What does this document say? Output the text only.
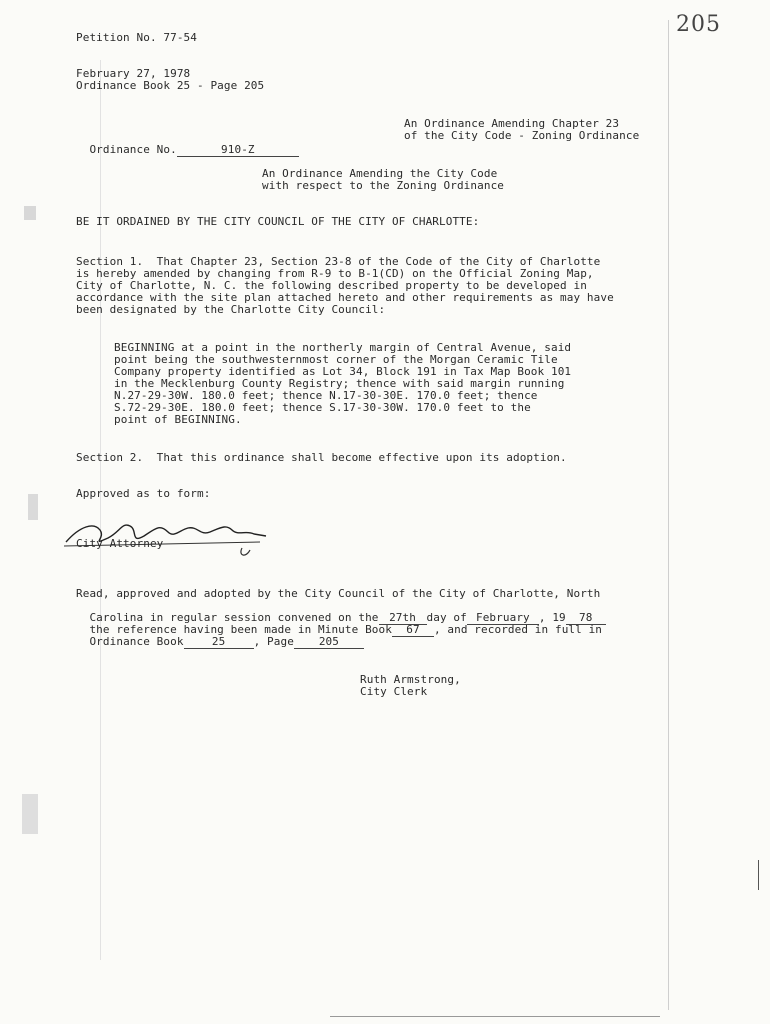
205
Petition No. 77-54
February 27, 1978
Ordinance Book 25 - Page 205
An Ordinance Amending Chapter 23
of the City Code - Zoning Ordinance

Ordinance No.	910-Z

An Ordinance Amending the City Code
with respect to the Zoning Ordinance
BE IT ORDAINED BY THE CITY COUNCIL OF THE CITY OF CHARLOTTE:
Section 1.  That Chapter 23, Section 23-8 of the Code of the City of Charlotte
is hereby amended by changing from R-9 to B-1(CD) on the Official Zoning Map,
City of Charlotte, N. C. the following described property to be developed in
accordance with the site plan attached hereto and other requirements as may have
been designated by the Charlotte City Council:
BEGINNING at a point in the northerly margin of Central Avenue, said
point being the southwesternmost corner of the Morgan Ceramic Tile
Company property identified as Lot 34, Block 191 in Tax Map Book 101
in the Mecklenburg County Registry; thence with said margin running
N.27-29-30W. 180.0 feet; thence N.17-30-30E. 170.0 feet; thence
S.72-29-30E. 180.0 feet; thence S.17-30-30W. 170.0 feet to the
point of BEGINNING.
Section 2.  That this ordinance shall become effective upon its adoption.
Approved as to form:
City Attorney
Read, approved and adopted by the City Council of the City of Charlotte, North

Carolina in regular session convened on the 27th day of February , 19 78

the reference having been made in Minute Book 67 , and recorded in full in

Ordinance Book	25	, Page 205

Ruth Armstrong,
City Clerk
